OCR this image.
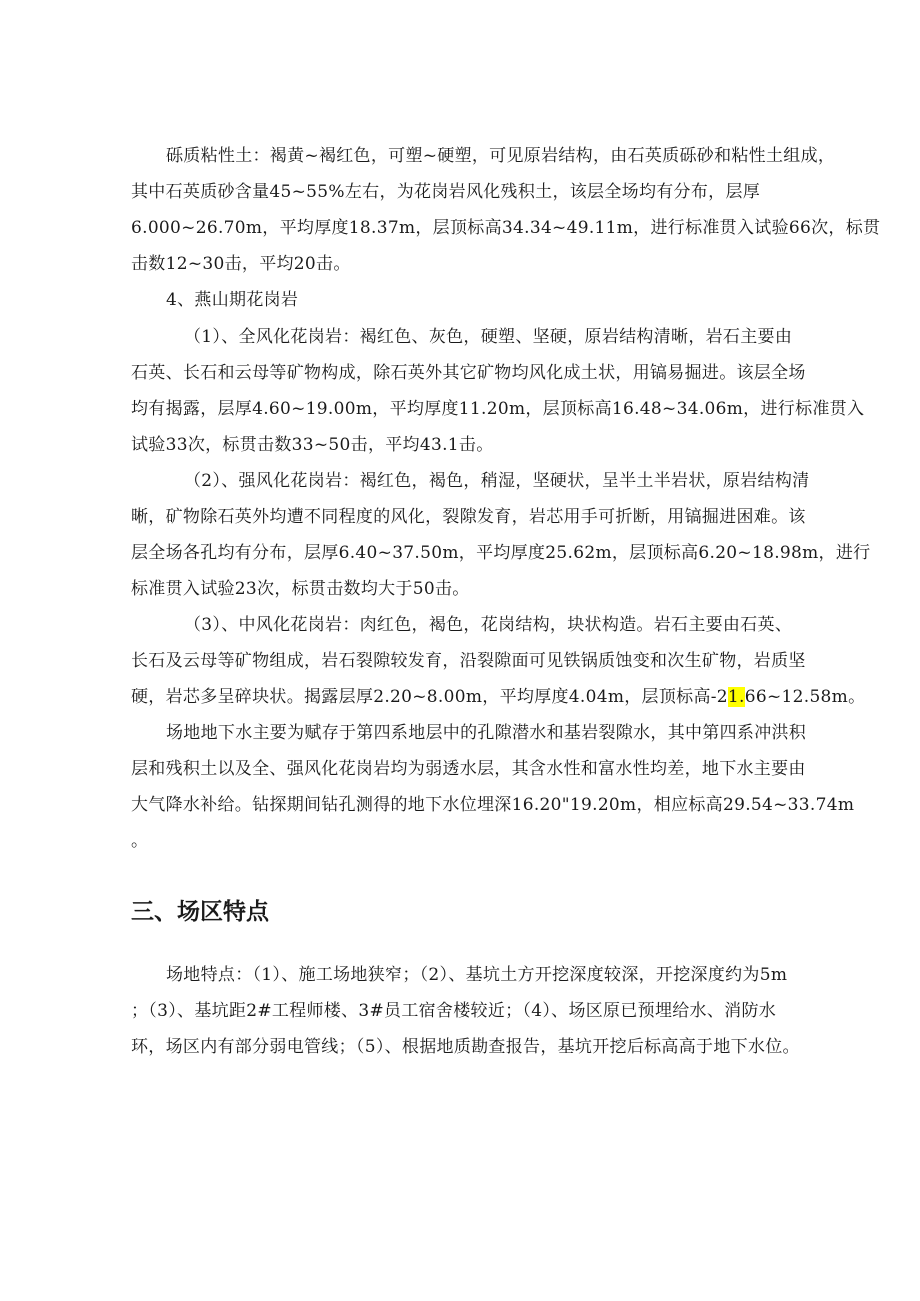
砾质粘性土：褐黄~褐红色，可塑~硬塑，可见原岩结构，由石英质砾砂和粘性土组成，
其中石英质砂含量45~55%左右，为花岗岩风化残积土，该层全场均有分布，层厚
6.000~26.70m，平均厚度18.37m，层顶标高34.34~49.11m，进行标准贯入试验66次，标贯
击数12~30击，平均20击。
4、燕山期花岗岩
（1）、全风化花岗岩：褐红色、灰色，硬塑、坚硬，原岩结构清晰，岩石主要由
石英、长石和云母等矿物构成，除石英外其它矿物均风化成土状，用镐易掘进。该层全场
均有揭露，层厚4.60~19.00m，平均厚度11.20m，层顶标高16.48~34.06m，进行标准贯入
试验33次，标贯击数33~50击，平均43.1击。
（2）、强风化花岗岩：褐红色，褐色，稍湿，坚硬状，呈半土半岩状，原岩结构清
晰，矿物除石英外均遭不同程度的风化，裂隙发育，岩芯用手可折断，用镐掘进困难。该
层全场各孔均有分布，层厚6.40~37.50m，平均厚度25.62m，层顶标高6.20~18.98m，进行
标准贯入试验23次，标贯击数均大于50击。
（3）、中风化花岗岩：肉红色，褐色，花岗结构，块状构造。岩石主要由石英、
长石及云母等矿物组成，岩石裂隙较发育，沿裂隙面可见铁锅质蚀变和次生矿物，岩质坚
硬，岩芯多呈碎块状。揭露层厚2.20~8.00m，平均厚度4.04m，层顶标高-21.66~12.58m。
场地地下水主要为赋存于第四系地层中的孔隙潜水和基岩裂隙水，其中第四系冲洪积
层和残积土以及全、强风化花岗岩均为弱透水层，其含水性和富水性均差，地下水主要由
大气降水补给。钻探期间钻孔测得的地下水位埋深16.20"19.20m，相应标高29.54~33.74m
。
三、场区特点
场地特点：（1）、施工场地狭窄；（2）、基坑土方开挖深度较深，开挖深度约为5m
；（3）、基坑距2#工程师楼、3#员工宿舍楼较近；（4）、场区原已预埋给水、消防水
环，场区内有部分弱电管线；（5）、根据地质勘查报告，基坑开挖后标高高于地下水位。
